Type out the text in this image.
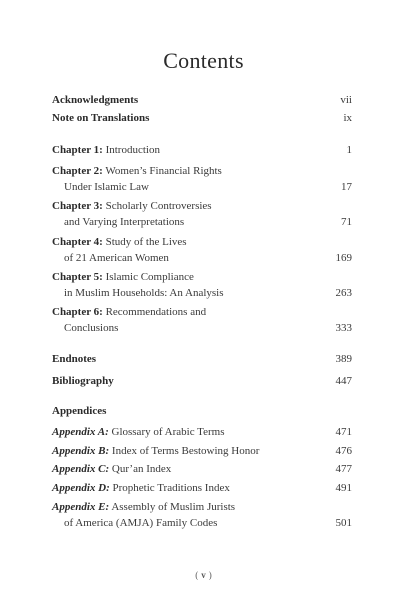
Contents
Acknowledgments	vii
Note on Translations	ix
Chapter 1: Introduction	1
Chapter 2: Women’s Financial Rights
Under Islamic Law	17
Chapter 3: Scholarly Controversies
and Varying Interpretations	71
Chapter 4: Study of the Lives
of 21 American Women	169
Chapter 5: Islamic Compliance
in Muslim Households: An Analysis	263
Chapter 6: Recommendations and
Conclusions	333
Endnotes	389
Bibliography	447
Appendices
Appendix A: Glossary of Arabic Terms	471
Appendix B: Index of Terms Bestowing Honor	476
Appendix C: Qur’an Index	477
Appendix D: Prophetic Traditions Index	491
Appendix E: Assembly of Muslim Jurists
of America (AMJA) Family Codes	501
( v )
